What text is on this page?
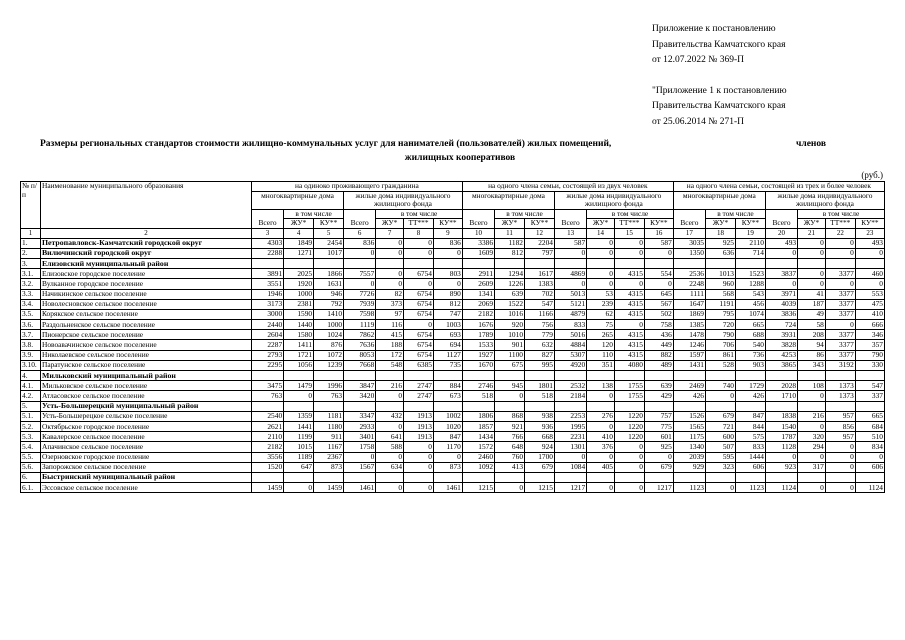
Приложение к постановлению
Правительства Камчатского края
от 12.07.2022 № 369-П
"Приложение 1 к постановлению
Правительства Камчатского края
от 25.06.2014 № 271-П
Размеры региональных стандартов стоимости жилищно-коммунальных услуг для нанимателей (пользователей) жилых помещений,	членов
жилищных кооперативов
(руб.)
№ п/п	Наименование муниципального образования	на одиноко проживающего гражданина							на одного члена семьи, состоящей из двух человек							на одного члена семьи, состоящей из трех и более человек						
		многоквартирные дома			жилые дома индивидуального жилищного фонда				многоквартирные дома			жилые дома индивидуального жилищного фонда				многоквартирные дома			жилые дома индивидуального жилищного фонда			
		Всего	в том числе		Всего	в том числе			Всего	в том числе		Всего	в том числе			Всего	в том числе		Всего	в том числе		
			ЖУ*	КУ**		ЖУ*	ТТ***	КУ**		ЖУ*	КУ**		ЖУ*	ТТ***	КУ**		ЖУ*	КУ**		ЖУ*	ТТ***	КУ**

1	2	3	4	5	6	7	8	9	10	11	12	13	14	15	16	17	18	19	20	21	22	23
1.	Петропавловск-Камчатский городской округ	4303	1849	2454	836	0	0	836	3386	1182	2204	587	0	0	587	3035	925	2110	493	0	0	493
2.	Вилючинский городской округ	2288	1271	1017	0	0	0	0	1609	812	797	0	0	0	0	1350	636	714	0	0	0	0
3.	Елизовский муниципальный район																					
3.1.	Елизовское городское поселение	3891	2025	1866	7557	0	6754	803	2911	1294	1617	4869	0	4315	554	2536	1013	1523	3837	0	3377	460
3.2.	Вулканное городское поселение	3551	1920	1631	0	0	0	0	2609	1226	1383	0	0	0	0	2248	960	1288	0	0	0	0
3.3.	Начикинское сельское поселение	1946	1000	946	7726	82	6754	890	1341	639	702	5013	53	4315	645	1111	568	543	3971	41	3377	553
3.4.	Новолесновское сельское поселение	3173	2381	792	7939	373	6754	812	2069	1522	547	5121	239	4315	567	1647	1191	456	4039	187	3377	475
3.5.	Корякское сельское поселение	3000	1590	1410	7598	97	6754	747	2182	1016	1166	4879	62	4315	502	1869	795	1074	3836	49	3377	410
3.6.	Раздольненское сельское поселение	2440	1440	1000	1119	116	0	1003	1676	920	756	833	75	0	758	1385	720	665	724	58	0	666
3.7.	Пионерское сельское поселение	2604	1580	1024	7862	415	6754	693	1789	1010	779	5016	265	4315	436	1478	790	688	3931	208	3377	346
3.8.	Новоавачинское сельское поселение	2287	1411	876	7636	188	6754	694	1533	901	632	4884	120	4315	449	1246	706	540	3828	94	3377	357
3.9.	Николаевское сельское поселение	2793	1721	1072	8053	172	6754	1127	1927	1100	827	5307	110	4315	882	1597	861	736	4253	86	3377	790
3.10.	Паратунское сельское поселение	2295	1056	1239	7668	548	6385	735	1670	675	995	4920	351	4080	489	1431	528	903	3865	343	3192	330
4.	Мильковский муниципальный район																					
4.1.	Мильковское сельское поселение	3475	1479	1996	3847	216	2747	884	2746	945	1801	2532	138	1755	639	2469	740	1729	2028	108	1373	547
4.2.	Атласовское сельское поселение	763	0	763	3420	0	2747	673	518	0	518	2184	0	1755	429	426	0	426	1710	0	1373	337
5.	Усть-Большерецкий муниципальный район																					
5.1.	Усть-Большерецкое сельское поселение	2540	1359	1181	3347	432	1913	1002	1806	868	938	2253	276	1220	757	1526	679	847	1838	216	957	665
5.2.	Октябрьское городское поселение	2621	1441	1180	2933	0	1913	1020	1857	921	936	1995	0	1220	775	1565	721	844	1540	0	856	684
5.3.	Кавалерское сельское поселение	2110	1199	911	3401	641	1913	847	1434	766	668	2231	410	1220	601	1175	600	575	1787	320	957	510
5.4.	Апачинское сельское поселение	2182	1015	1167	1758	588	0	1170	1572	648	924	1301	376	0	925	1340	507	833	1128	294	0	834
5.5.	Озерновское городское поселение	3556	1189	2367	0	0	0	0	2460	760	1700	0	0	0	0	2039	595	1444	0	0	0	0
5.6.	Запорожское сельское поселение	1520	647	873	1567	634	0	873	1092	413	679	1084	405	0	679	929	323	606	923	317	0	606
6.	Быстринский муниципальный район																					
6.1.	Эссовское сельское поселение	1459	0	1459	1461	0	0	1461	1215	0	1215	1217	0	0	1217	1123	0	1123	1124	0	0	1124
